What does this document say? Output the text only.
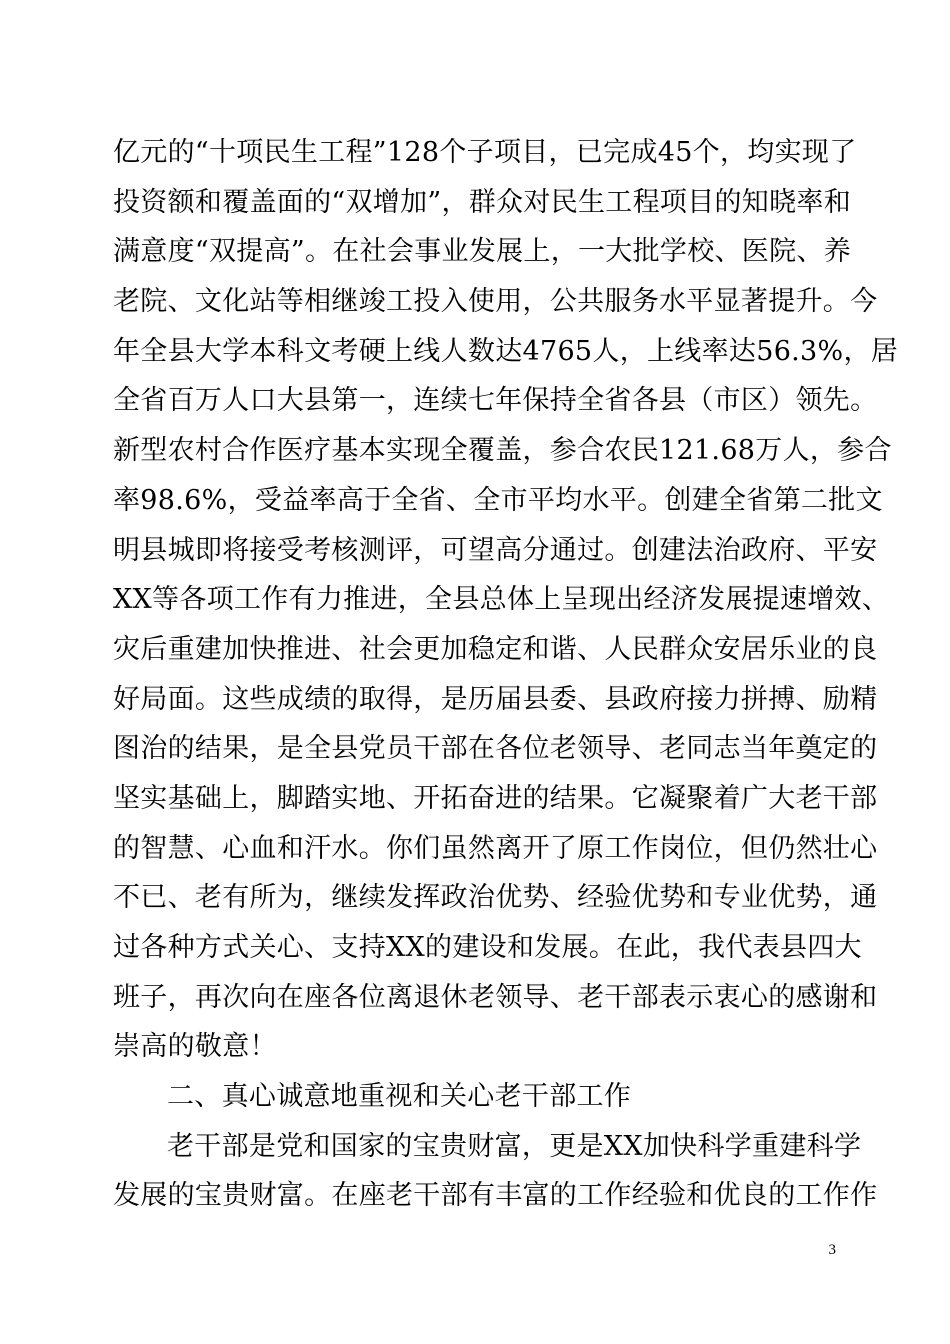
亿元的“十项民生工程”128个子项目，已完成45个，均实现了
投资额和覆盖面的“双增加”，群众对民生工程项目的知晓率和
满意度“双提高”。在社会事业发展上，一大批学校、医院、养
老院、文化站等相继竣工投入使用，公共服务水平显著提升。今
年全县大学本科文考硬上线人数达4765人，上线率达56.3%，居
全省百万人口大县第一，连续七年保持全省各县（市区）领先。
新型农村合作医疗基本实现全覆盖，参合农民121.68万人，参合
率98.6%，受益率高于全省、全市平均水平。创建全省第二批文
明县城即将接受考核测评，可望高分通过。创建法治政府、平安
XX等各项工作有力推进，全县总体上呈现出经济发展提速增效、
灾后重建加快推进、社会更加稳定和谐、人民群众安居乐业的良
好局面。这些成绩的取得，是历届县委、县政府接力拼搏、励精
图治的结果，是全县党员干部在各位老领导、老同志当年奠定的
坚实基础上，脚踏实地、开拓奋进的结果。它凝聚着广大老干部
的智慧、心血和汗水。你们虽然离开了原工作岗位，但仍然壮心
不已、老有所为，继续发挥政治优势、经验优势和专业优势，通
过各种方式关心、支持XX的建设和发展。在此，我代表县四大
班子，再次向在座各位离退休老领导、老干部表示衷心的感谢和
崇高的敬意！
二、真心诚意地重视和关心老干部工作
老干部是党和国家的宝贵财富，更是XX加快科学重建科学
发展的宝贵财富。在座老干部有丰富的工作经验和优良的工作作
3
